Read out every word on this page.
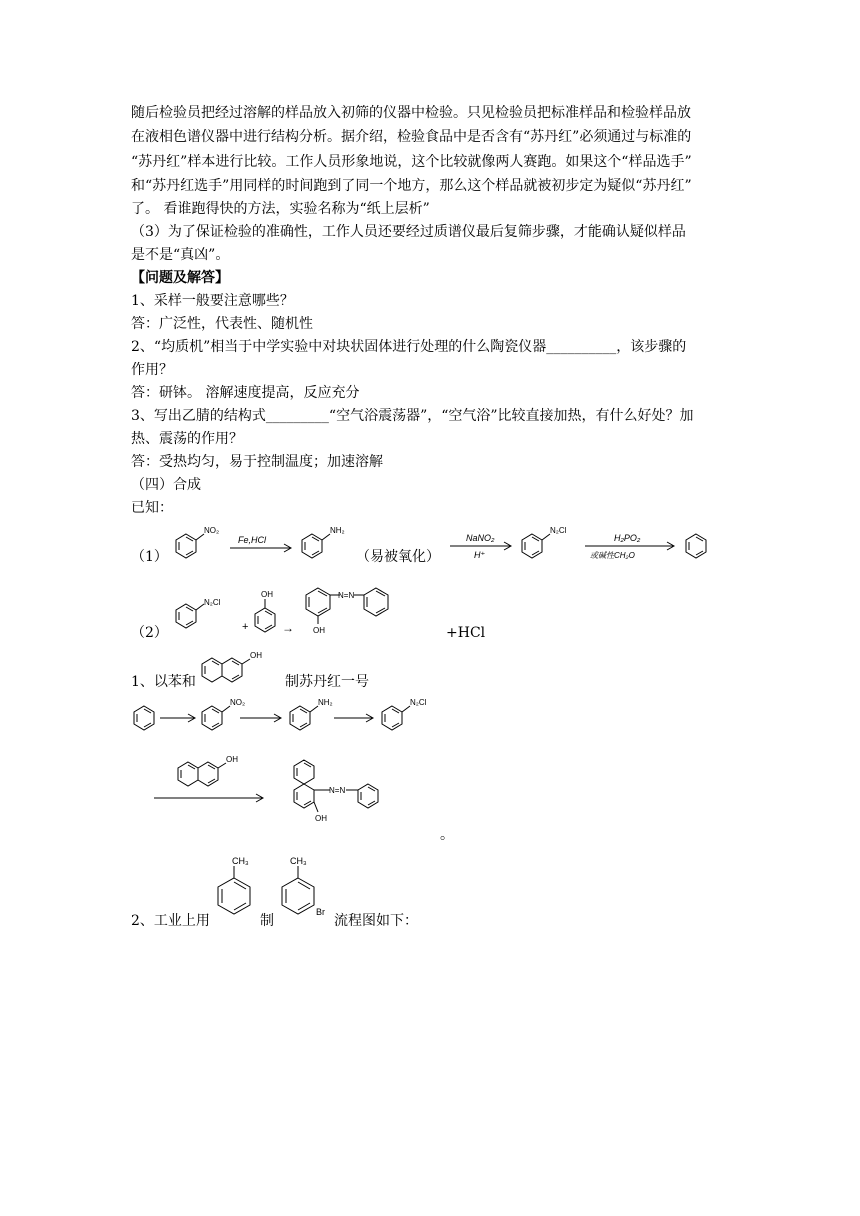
随后检验员把经过溶解的样品放入初筛的仪器中检验。只见检验员把标准样品和检验样品放
在液相色谱仪器中进行结构分析。据介绍，检验食品中是否含有“苏丹红”必须通过与标准的
“苏丹红”样本进行比较。工作人员形象地说，这个比较就像两人赛跑。如果这个“样品选手”
和“苏丹红选手”用同样的时间跑到了同一个地方，那么这个样品就被初步定为疑似“苏丹红”
了。 看谁跑得快的方法，实验名称为“纸上层析”
（3）为了保证检验的准确性，工作人员还要经过质谱仪最后复筛步骤，才能确认疑似样品
是不是“真凶”。
【问题及解答】
1、采样一般要注意哪些？
答：广泛性，代表性、随机性
2、“均质机”相当于中学实验中对块状固体进行处理的什么陶瓷仪器__________，该步骤的
作用？
答：研钵。 溶解速度提高，反应充分
3、写出乙腈的结构式_________“空气浴震荡器”，“空气浴”比较直接加热，有什么好处？加
热、震荡的作用？
答：受热均匀，易于控制温度；加速溶解
（四）合成
已知：
（1）
NO₂
Fe,HCl
NH₂
NaNO₂
H⁺
N₂Cl
H₂PO₂
或碱性CH₂O
（易被氧化）
（2）
N₂Cl
+
OH
→
N=N
OH	+HCl
1、以苯和
OH
制苏丹红一号
NO₂	NH₂	N₂Cl
OH
N=N
OH
。
2、工业上用
CH₃
制
CH₃
Br
流程图如下：
